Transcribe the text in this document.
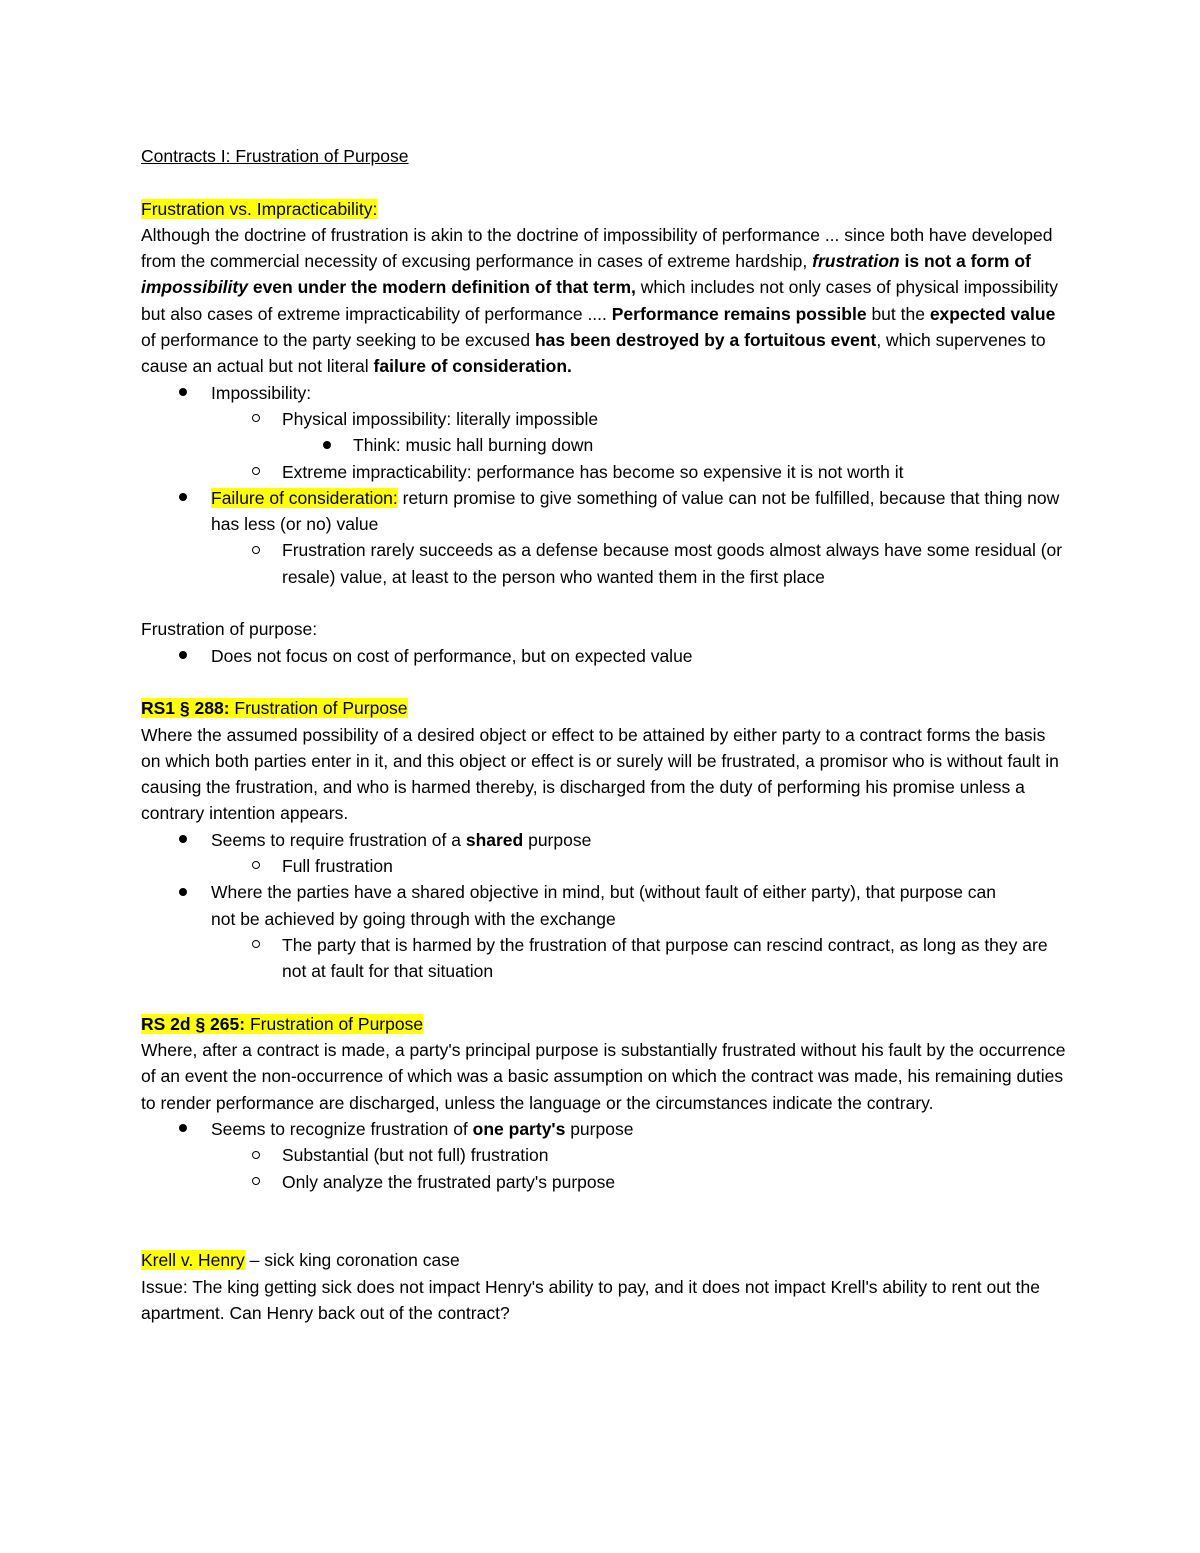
Contracts I: Frustration of Purpose
Frustration vs. Impracticability:
Although the doctrine of frustration is akin to the doctrine of impossibility of performance ... since both have developed from the commercial necessity of excusing performance in cases of extreme hardship, frustration is not a form of impossibility even under the modern definition of that term, which includes not only cases of physical impossibility but also cases of extreme impracticability of performance .... Performance remains possible but the expected value of performance to the party seeking to be excused has been destroyed by a fortuitous event, which supervenes to cause an actual but not literal failure of consideration.
Impossibility:
Physical impossibility: literally impossible
Think: music hall burning down
Extreme impracticability: performance has become so expensive it is not worth it
Failure of consideration: return promise to give something of value can not be fulfilled, because that thing now has less (or no) value
Frustration rarely succeeds as a defense because most goods almost always have some residual (or resale) value, at least to the person who wanted them in the first place
Frustration of purpose:
Does not focus on cost of performance, but on expected value
RS1 § 288: Frustration of Purpose
Where the assumed possibility of a desired object or effect to be attained by either party to a contract forms the basis on which both parties enter in it, and this object or effect is or surely will be frustrated, a promisor who is without fault in causing the frustration, and who is harmed thereby, is discharged from the duty of performing his promise unless a contrary intention appears.
Seems to require frustration of a shared purpose
Full frustration
Where the parties have a shared objective in mind, but (without fault of either party), that purpose can not be achieved by going through with the exchange
The party that is harmed by the frustration of that purpose can rescind contract, as long as they are not at fault for that situation
RS 2d § 265: Frustration of Purpose
Where, after a contract is made, a party's principal purpose is substantially frustrated without his fault by the occurrence of an event the non-occurrence of which was a basic assumption on which the contract was made, his remaining duties to render performance are discharged, unless the language or the circumstances indicate the contrary.
Seems to recognize frustration of one party's purpose
Substantial (but not full) frustration
Only analyze the frustrated party's purpose
Krell v. Henry – sick king coronation case
Issue: The king getting sick does not impact Henry's ability to pay, and it does not impact Krell's ability to rent out the apartment. Can Henry back out of the contract?
